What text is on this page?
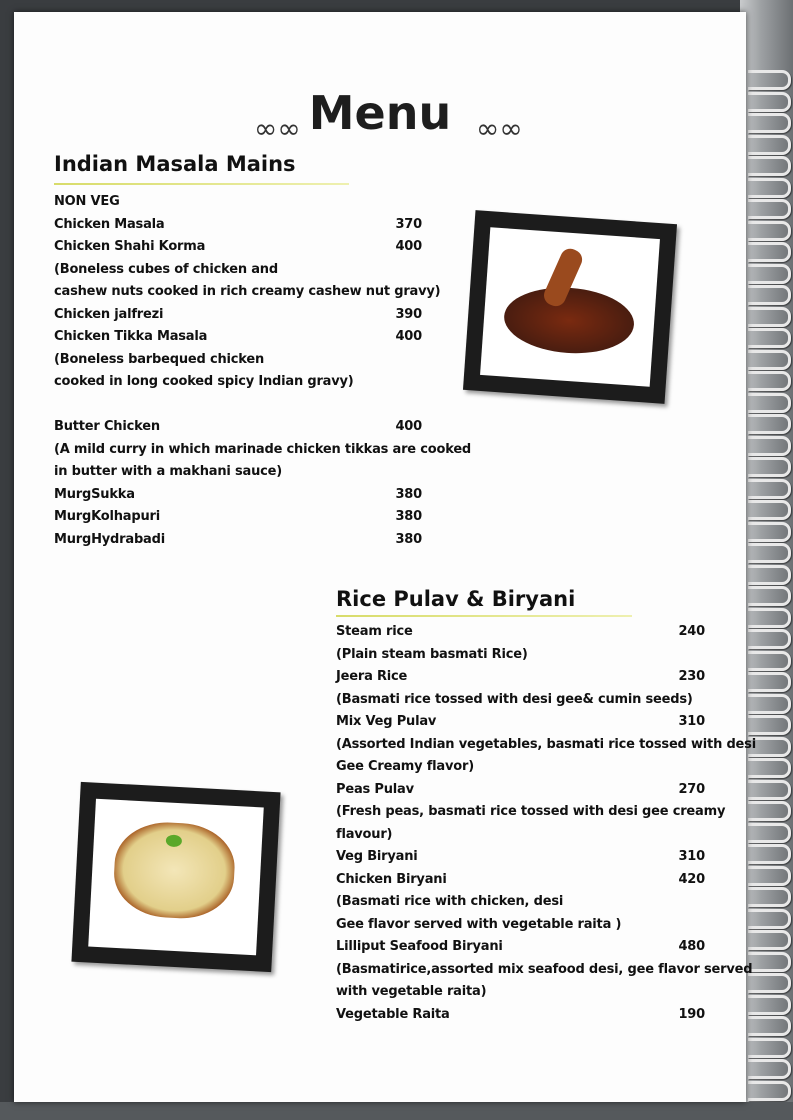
∞∞ Menu ∞∞
Indian Masala Mains
NON VEG
Chicken Masala	370
Chicken Shahi Korma	400
(Boneless cubes of chicken and
cashew nuts cooked in rich creamy cashew nut gravy)
Chicken jalfrezi	390
Chicken Tikka Masala	400
(Boneless barbequed chicken
cooked in long cooked spicy Indian gravy)
Butter Chicken	400
(A mild curry in which marinade chicken tikkas are cooked
in butter with a makhani sauce)
MurgSukka	380
MurgKolhapuri	380
MurgHydrabadi	380
Rice Pulav & Biryani
Steam rice	240
(Plain steam basmati Rice)
Jeera Rice	230
(Basmati rice tossed with desi gee& cumin seeds)
Mix Veg Pulav	310
(Assorted Indian vegetables, basmati rice tossed with desi
Gee Creamy flavor)
Peas Pulav	270
(Fresh peas, basmati rice tossed with desi gee creamy
flavour)
Veg Biryani	310
Chicken Biryani	420
(Basmati rice with chicken, desi
Gee flavor served with vegetable raita )
Lilliput Seafood Biryani	480
(Basmatirice,assorted mix seafood desi, gee flavor served
with vegetable raita)
Vegetable Raita	190
